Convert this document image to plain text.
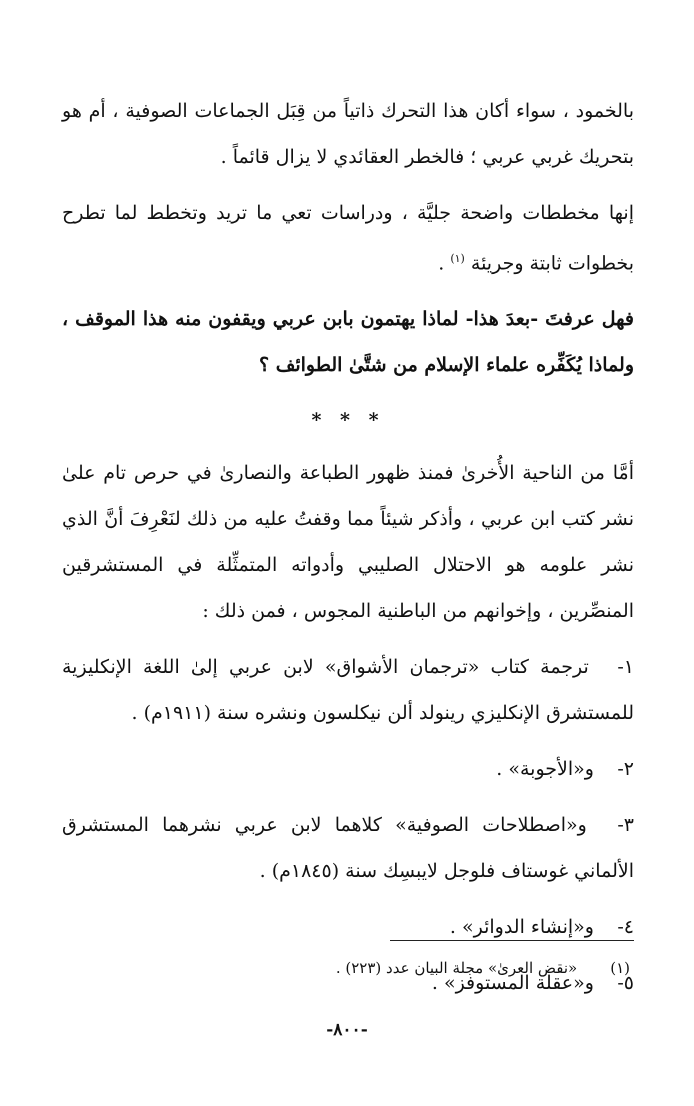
بالخمود ، سواء أكان هذا التحرك ذاتياً من قِبَل الجماعات الصوفية ، أم هو بتحريك غربي عربي ؛ فالخطر العقائدي لا يزال قائماً .

إنها مخططات واضحة جليَّة ، ودراسات تعي ما تريد وتخطط لما تطرح بخطوات ثابتة وجريئة $^{(١)}$ .

فهل عرفتَ -بعدَ هذا- لماذا يهتمون بابن عربي ويقفون منه هذا الموقف ، ولماذا يُكَفِّره علماء الإسلام من شتَّىٰ الطوائف ؟

* * *

أمَّا من الناحية الأُخرىٰ فمنذ ظهور الطباعة والنصارىٰ في حرص تام علىٰ نشر كتب ابن عربي ، وأذكر شيئاً مما وقفتُ عليه من ذلك لنَعْرِفَ أنَّ الذي نشر علومه هو الاحتلال الصليبي وأدواته المتمثِّلة في المستشرقين المنصِّرين ، وإخوانهم من الباطنية المجوس ، فمن ذلك :

١- ترجمة كتاب «ترجمان الأشواق» لابن عربي إلىٰ اللغة الإنكليزية للمستشرق الإنكليزي رينولد ألن نيكلسون ونشره سنة (١٩١١م) .

٢- و«الأجوبة» .

٣- و«اصطلاحات الصوفية» كلاهما لابن عربي نشرهما المستشرق الألماني غوستاف فلوجل لايبسِك سنة (١٨٤٥م) .

٤- و«إنشاء الدوائر» .

٥- و«عقلة المستوفز» .

(١) «نقض العرىٰ» مجلة البيان عدد (٢٢٣) .
-٨٠٠-
